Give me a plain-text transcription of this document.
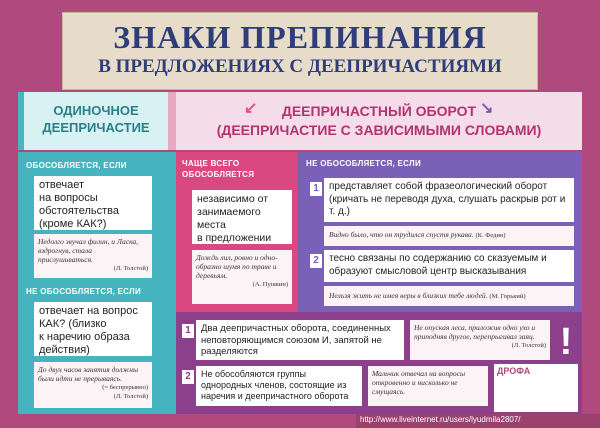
ЗНАКИ ПРЕПИНАНИЯ
В ПРЕДЛОЖЕНИЯХ С ДЕЕПРИЧАСТИЯМИ
ОДИНОЧНОЕ
ДЕЕПРИЧАСТИЕ
ДЕЕПРИЧАСТНЫЙ ОБОРОТ
(ДЕЕПРИЧАСТИЕ С ЗАВИСИМЫМИ СЛОВАМИ)
↙	↘
ОБОСОБЛЯЕТСЯ, ЕСЛИ
отвечает
на вопросы
обстоятельства
(кроме КАК?)
Недолго звучал филин, и Ласка, вздрогнув, стала прислушиваться.
(Л. Толстой)
НЕ ОБОСОБЛЯЕТСЯ, ЕСЛИ
отвечает на вопрос
КАК? (близко
к наречию образа
действия)
До двух часов занятия должны были идти не прерываясь.
(= беспрерывно)
(Л. Толстой)
ЧАЩЕ ВСЕГО ОБОСОБЛЯЕТСЯ
независимо от
занимаемого
места
в предложении
Дождь лил, ровно и одно-образно шумя по траве и деревьям.
(А. Пушкин)
НЕ ОБОСОБЛЯЕТСЯ, ЕСЛИ
1	представляет собой фразеологический оборот (кричать не переводя духа, слушать раскрыв рот и т. д.)
Видно было, что он трудился спустя рукава. (К. Федин)
2	тесно связаны по содержанию со сказуемым и образуют смысловой центр высказывания
Нельзя жить не имея веры в близких тебе людей. (М. Горький)
1	Два деепричастных оборота, соединенных неповторяющимся союзом И, запятой не разделяются
Не опуская леса, приложив одно ухо и приподняв другое, перепрыгивал заяц.
(Л. Толстой) !
2	Не обособляются группы однородных членов, состоящие из наречия и деепричастного оборота
Мальчик отвечал на вопросы откровенно и нисколько не смущаясь.
ДРОФА
http://www.liveinternet.ru/users/lyudmila2807/
